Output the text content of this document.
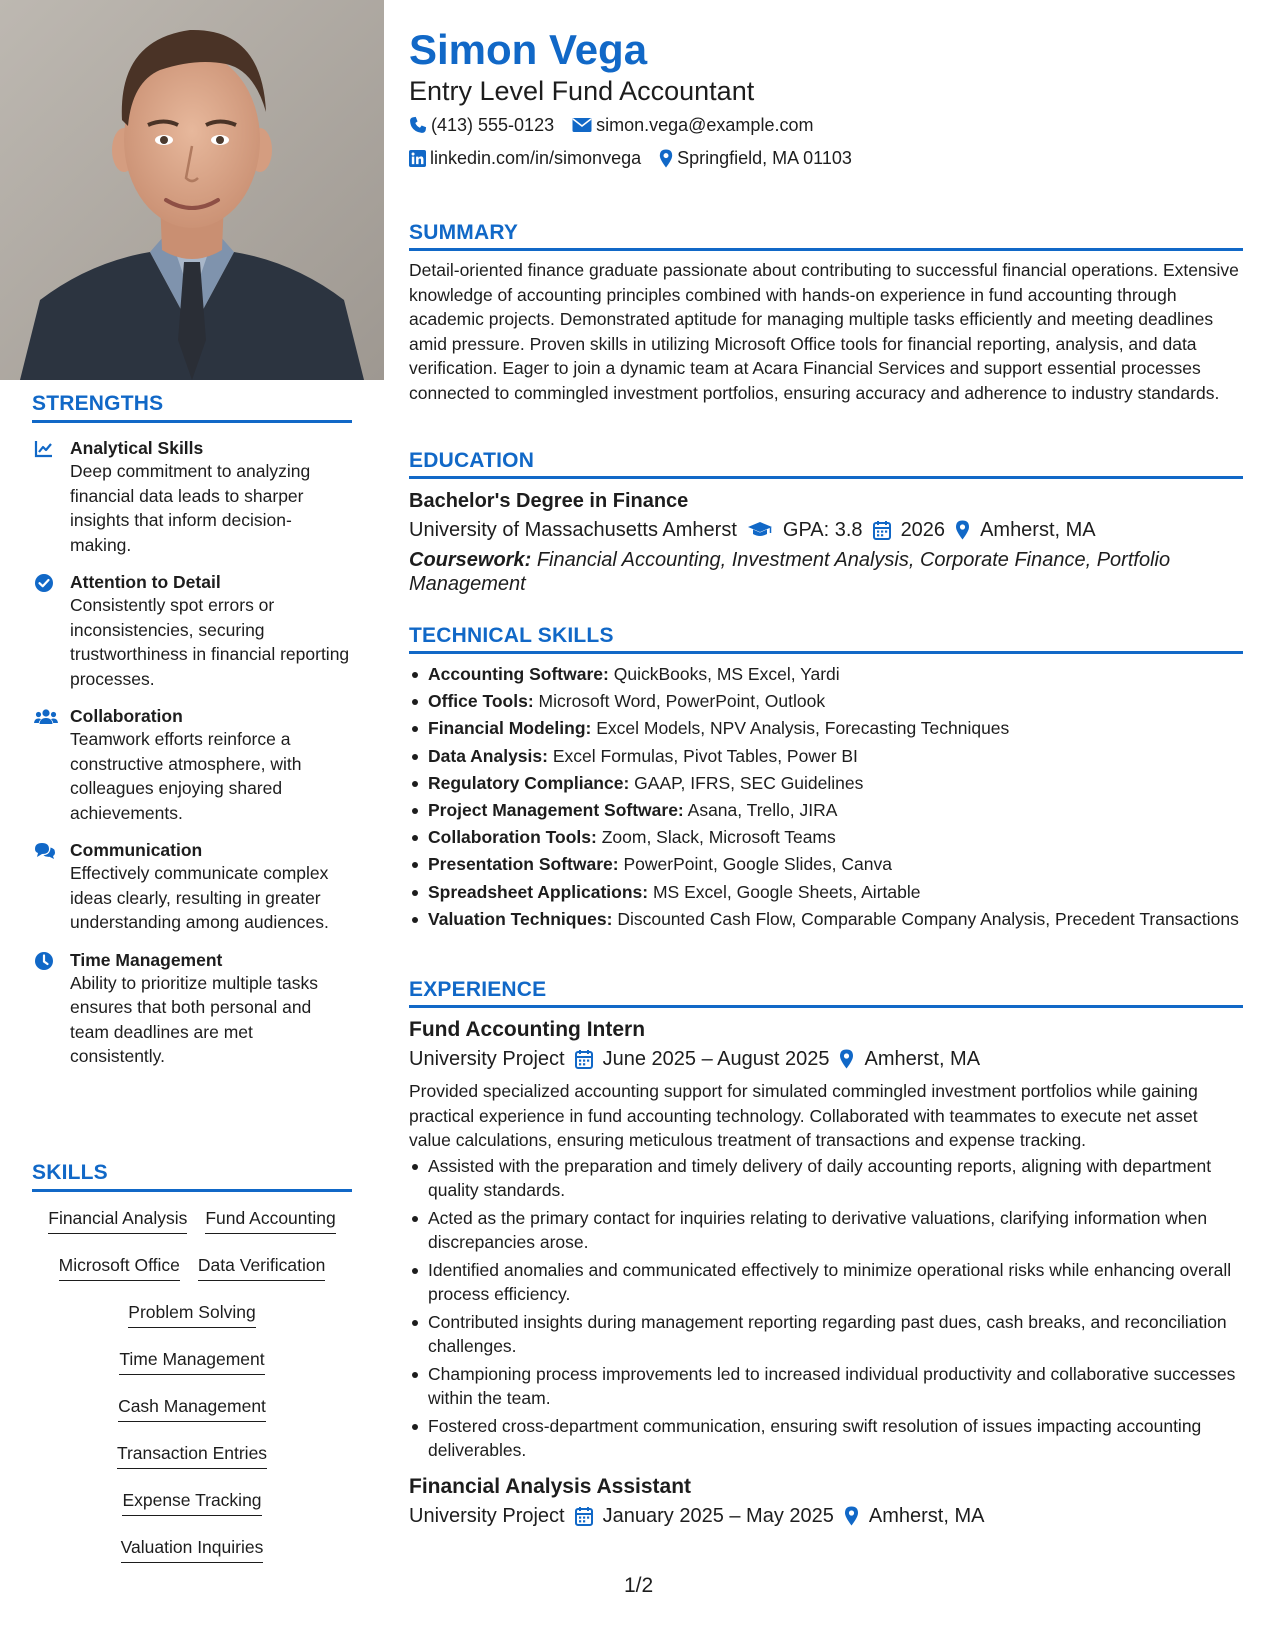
STRENGTHS
Analytical Skills
Deep commitment to analyzing financial data leads to sharper insights that inform decision-making.
Attention to Detail
Consistently spot errors or inconsistencies, securing trustworthiness in financial reporting processes.
Collaboration
Teamwork efforts reinforce a constructive atmosphere, with colleagues enjoying shared achievements.
Communication
Effectively communicate complex ideas clearly, resulting in greater understanding among audiences.
Time Management
Ability to prioritize multiple tasks ensures that both personal and team deadlines are met consistently.
SKILLS
Financial Analysis Fund Accounting
Microsoft Office Data Verification
Problem Solving
Time Management
Cash Management
Transaction Entries
Expense Tracking
Valuation Inquiries
Simon Vega
Entry Level Fund Accountant
(413) 555-0123 simon.vega@example.com
linkedin.com/in/simonvega Springfield, MA 01103
SUMMARY

Detail-oriented finance graduate passionate about contributing to successful financial operations. Extensive knowledge of accounting principles combined with hands-on experience in fund accounting through academic projects. Demonstrated aptitude for managing multiple tasks efficiently and meeting deadlines amid pressure. Proven skills in utilizing Microsoft Office tools for financial reporting, analysis, and data verification. Eager to join a dynamic team at Acara Financial Services and support essential processes connected to commingled investment portfolios, ensuring accuracy and adherence to industry standards.

EDUCATION
Bachelor's Degree in Finance
University of Massachusetts Amherst GPA: 3.8 2026 Amherst, MA
Coursework: Financial Accounting, Investment Analysis, Corporate Finance, Portfolio Management
TECHNICAL SKILLS
Accounting Software: QuickBooks, MS Excel, Yardi
Office Tools: Microsoft Word, PowerPoint, Outlook
Financial Modeling: Excel Models, NPV Analysis, Forecasting Techniques
Data Analysis: Excel Formulas, Pivot Tables, Power BI
Regulatory Compliance: GAAP, IFRS, SEC Guidelines
Project Management Software: Asana, Trello, JIRA
Collaboration Tools: Zoom, Slack, Microsoft Teams
Presentation Software: PowerPoint, Google Slides, Canva
Spreadsheet Applications: MS Excel, Google Sheets, Airtable
Valuation Techniques: Discounted Cash Flow, Comparable Company Analysis, Precedent Transactions
EXPERIENCE
Fund Accounting Intern
University Project June 2025 – August 2025 Amherst, MA

Provided specialized accounting support for simulated commingled investment portfolios while gaining practical experience in fund accounting technology. Collaborated with teammates to execute net asset value calculations, ensuring meticulous treatment of transactions and expense tracking.

Assisted with the preparation and timely delivery of daily accounting reports, aligning with department quality standards.
Acted as the primary contact for inquiries relating to derivative valuations, clarifying information when discrepancies arose.
Identified anomalies and communicated effectively to minimize operational risks while enhancing overall process efficiency.
Contributed insights during management reporting regarding past dues, cash breaks, and reconciliation challenges.
Championing process improvements led to increased individual productivity and collaborative successes within the team.
Fostered cross-department communication, ensuring swift resolution of issues impacting accounting deliverables.
Financial Analysis Assistant
University Project January 2025 – May 2025 Amherst, MA
1/2
